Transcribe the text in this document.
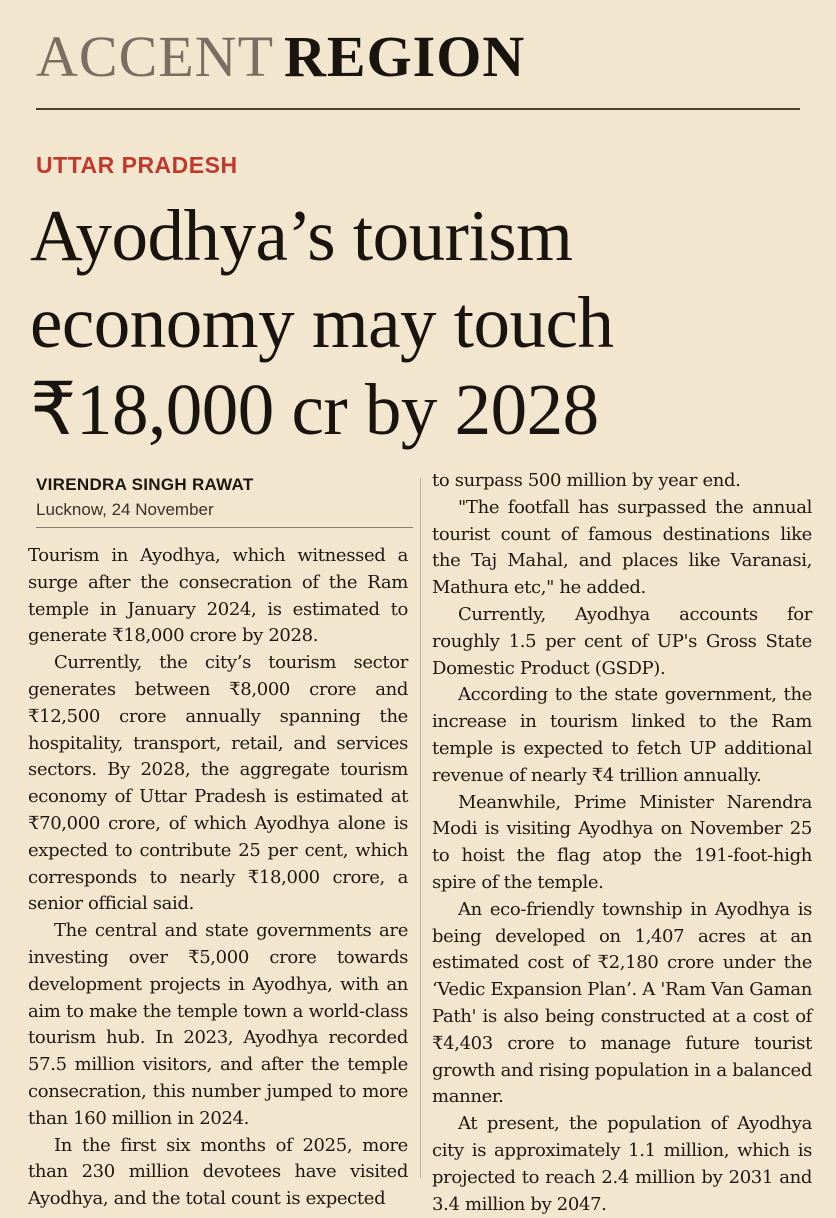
ACCENT REGION
UTTAR PRADESH
Ayodhya’s tourism economy may touch ₹18,000 cr by 2028
VIRENDRA SINGH RAWAT
Lucknow, 24 November

Tourism in Ayodhya, which witnessed a surge after the consecration of the Ram temple in January 2024, is estimated to generate ₹18,000 crore by 2028.

Currently, the city’s tourism sector generates between ₹8,000 crore and ₹12,500 crore annually spanning the hospitality, transport, retail, and services sectors. By 2028, the aggregate tourism economy of Uttar Pradesh is estimated at ₹70,000 crore, of which Ayodhya alone is expected to contribute 25 per cent, which corresponds to nearly ₹18,000 crore, a senior official said.

The central and state governments are investing over ₹5,000 crore towards development projects in Ayodhya, with an aim to make the temple town a world-class tourism hub. In 2023, Ayodhya recorded 57.5 million visitors, and after the temple consecration, this number jumped to more than 160 million in 2024.

In the first six months of 2025, more than 230 million devotees have visited Ayodhya, and the total count is expected

to surpass 500 million by year end.

"The footfall has surpassed the annual tourist count of famous destinations like the Taj Mahal, and places like Varanasi, Mathura etc," he added.

Currently, Ayodhya accounts for roughly 1.5 per cent of UP's Gross State Domestic Product (GSDP).

According to the state government, the increase in tourism linked to the Ram temple is expected to fetch UP additional revenue of nearly ₹4 trillion annually.

Meanwhile, Prime Minister Narendra Modi is visiting Ayodhya on November 25 to hoist the flag atop the 191-foot-high spire of the temple.

An eco-friendly township in Ayodhya is being developed on 1,407 acres at an estimated cost of ₹2,180 crore under the ‘Vedic Expansion Plan’. A 'Ram Van Gaman Path' is also being constructed at a cost of ₹4,403 crore to manage future tourist growth and rising population in a balanced manner.

At present, the population of Ayodhya city is approximately 1.1 million, which is projected to reach 2.4 million by 2031 and 3.4 million by 2047.
